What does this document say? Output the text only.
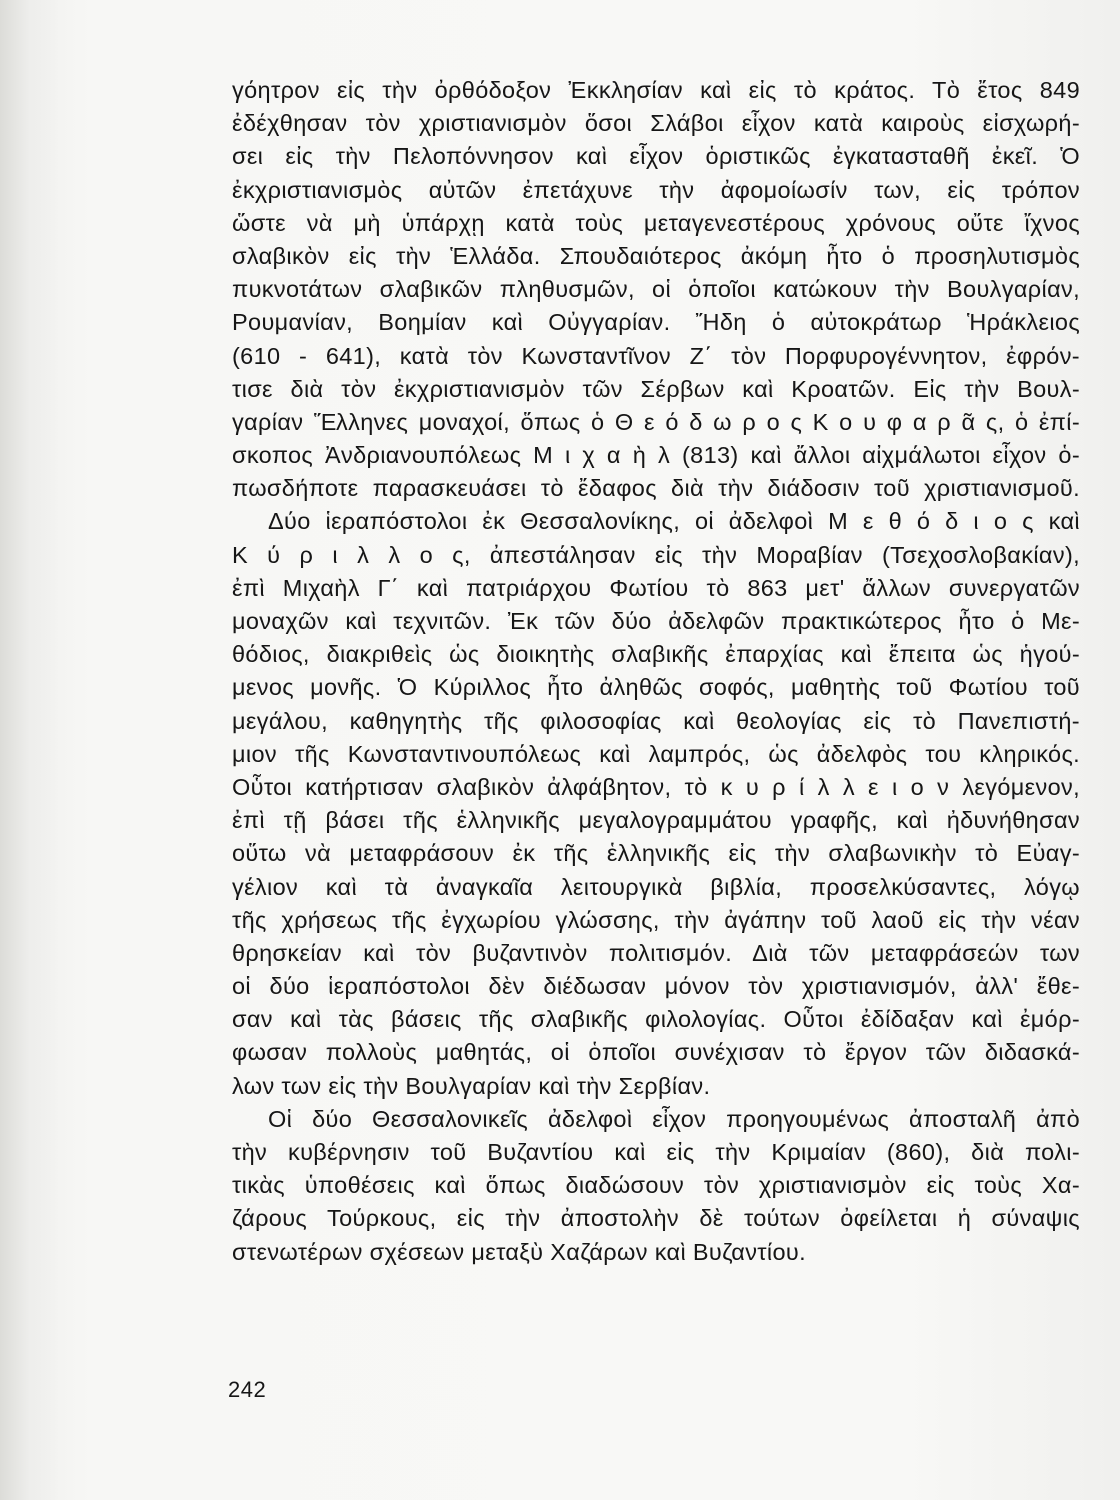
γόητρον εἰς τὴν ὀρθόδοξον Ἐκκλησίαν καὶ εἰς τὸ κράτος. Τὸ ἔτος 849
ἐδέχθησαν τὸν χριστιανισμὸν ὅσοι Σλάβοι εἶχον κατὰ καιροὺς εἰσχωρή-
σει εἰς τὴν Πελοπόννησον καὶ εἶχον ὁριστικῶς ἐγκατασταθῆ ἐκεῖ. Ὁ
ἐκχριστιανισμὸς αὐτῶν ἐπετάχυνε τὴν ἀφομοίωσίν των, εἰς τρόπον
ὥστε νὰ μὴ ὑπάρχῃ κατὰ τοὺς μεταγενεστέρους χρόνους οὔτε ἴχνος
σλαβικὸν εἰς τὴν Ἑλλάδα. Σπουδαιότερος ἀκόμη ἦτο ὁ προσηλυτισμὸς
πυκνοτάτων σλαβικῶν πληθυσμῶν, οἱ ὁποῖοι κατώκουν τὴν Βουλγαρίαν,
Ρουμανίαν, Βοημίαν καὶ Οὐγγαρίαν. Ἤδη ὁ αὐτοκράτωρ Ἡράκλειος
(610 - 641), κατὰ τὸν Κωνσταντῖνον Ζ΄ τὸν Πορφυρογέννητον, ἐφρόν-
τισε διὰ τὸν ἐκχριστιανισμὸν τῶν Σέρβων καὶ Κροατῶν. Εἰς τὴν Βουλ-
γαρίαν Ἕλληνες μοναχοί, ὅπως ὁ Θ ε ό δ ω ρ ο ς Κ ο υ φ α ρ ᾶ ς, ὁ ἐπί-
σκοπος Ἀνδριανουπόλεως Μ ι χ α ὴ λ (813) καὶ ἄλλοι αἰχμάλωτοι εἶχον ὁ-
πωσδήποτε παρασκευάσει τὸ ἔδαφος διὰ τὴν διάδοσιν τοῦ χριστιανισμοῦ.
Δύο ἱεραπόστολοι ἐκ Θεσσαλονίκης, οἱ ἀδελφοὶ Μ ε θ ό δ ι ο ς καὶ
Κ ύ ρ ι λ λ ο ς, ἀπεστάλησαν εἰς τὴν Μοραβίαν (Τσεχοσλοβακίαν),
ἐπὶ Μιχαὴλ Γ΄ καὶ πατριάρχου Φωτίου τὸ 863 μετ' ἄλλων συνεργατῶν
μοναχῶν καὶ τεχνιτῶν. Ἐκ τῶν δύο ἀδελφῶν πρακτικώτερος ἦτο ὁ Με-
θόδιος, διακριθεὶς ὡς διοικητὴς σλαβικῆς ἐπαρχίας καὶ ἔπειτα ὡς ἡγού-
μενος μονῆς. Ὁ Κύριλλος ἦτο ἀληθῶς σοφός, μαθητὴς τοῦ Φωτίου τοῦ
μεγάλου, καθηγητὴς τῆς φιλοσοφίας καὶ θεολογίας εἰς τὸ Πανεπιστή-
μιον τῆς Κωνσταντινουπόλεως καὶ λαμπρός, ὡς ἀδελφὸς του κληρικός.
Οὗτοι κατήρτισαν σλαβικὸν ἀλφάβητον, τὸ κ υ ρ ί λ λ ε ι ο ν λεγόμενον,
ἐπὶ τῇ βάσει τῆς ἑλληνικῆς μεγαλογραμμάτου γραφῆς, καὶ ἠδυνήθησαν
οὕτω νὰ μεταφράσουν ἐκ τῆς ἑλληνικῆς εἰς τὴν σλαβωνικὴν τὸ Εὐαγ-
γέλιον καὶ τὰ ἀναγκαῖα λειτουργικὰ βιβλία, προσελκύσαντες, λόγῳ
τῆς χρήσεως τῆς ἐγχωρίου γλώσσης, τὴν ἀγάπην τοῦ λαοῦ εἰς τὴν νέαν
θρησκείαν καὶ τὸν βυζαντινὸν πολιτισμόν. Διὰ τῶν μεταφράσεών των
οἱ δύο ἱεραπόστολοι δὲν διέδωσαν μόνον τὸν χριστιανισμόν, ἀλλ' ἔθε-
σαν καὶ τὰς βάσεις τῆς σλαβικῆς φιλολογίας. Οὗτοι ἐδίδαξαν καὶ ἐμόρ-
φωσαν πολλοὺς μαθητάς, οἱ ὁποῖοι συνέχισαν τὸ ἔργον τῶν διδασκά-
λων των εἰς τὴν Βουλγαρίαν καὶ τὴν Σερβίαν.
Οἱ δύο Θεσσαλονικεῖς ἀδελφοὶ εἶχον προηγουμένως ἀποσταλῆ ἀπὸ
τὴν κυβέρνησιν τοῦ Βυζαντίου καὶ εἰς τὴν Κριμαίαν (860), διὰ πολι-
τικὰς ὑποθέσεις καὶ ὅπως διαδώσουν τὸν χριστιανισμὸν εἰς τοὺς Χα-
ζάρους Τούρκους, εἰς τὴν ἀποστολὴν δὲ τούτων ὀφείλεται ἡ σύναψις
στενωτέρων σχέσεων μεταξὺ Χαζάρων καὶ Βυζαντίου.
242
